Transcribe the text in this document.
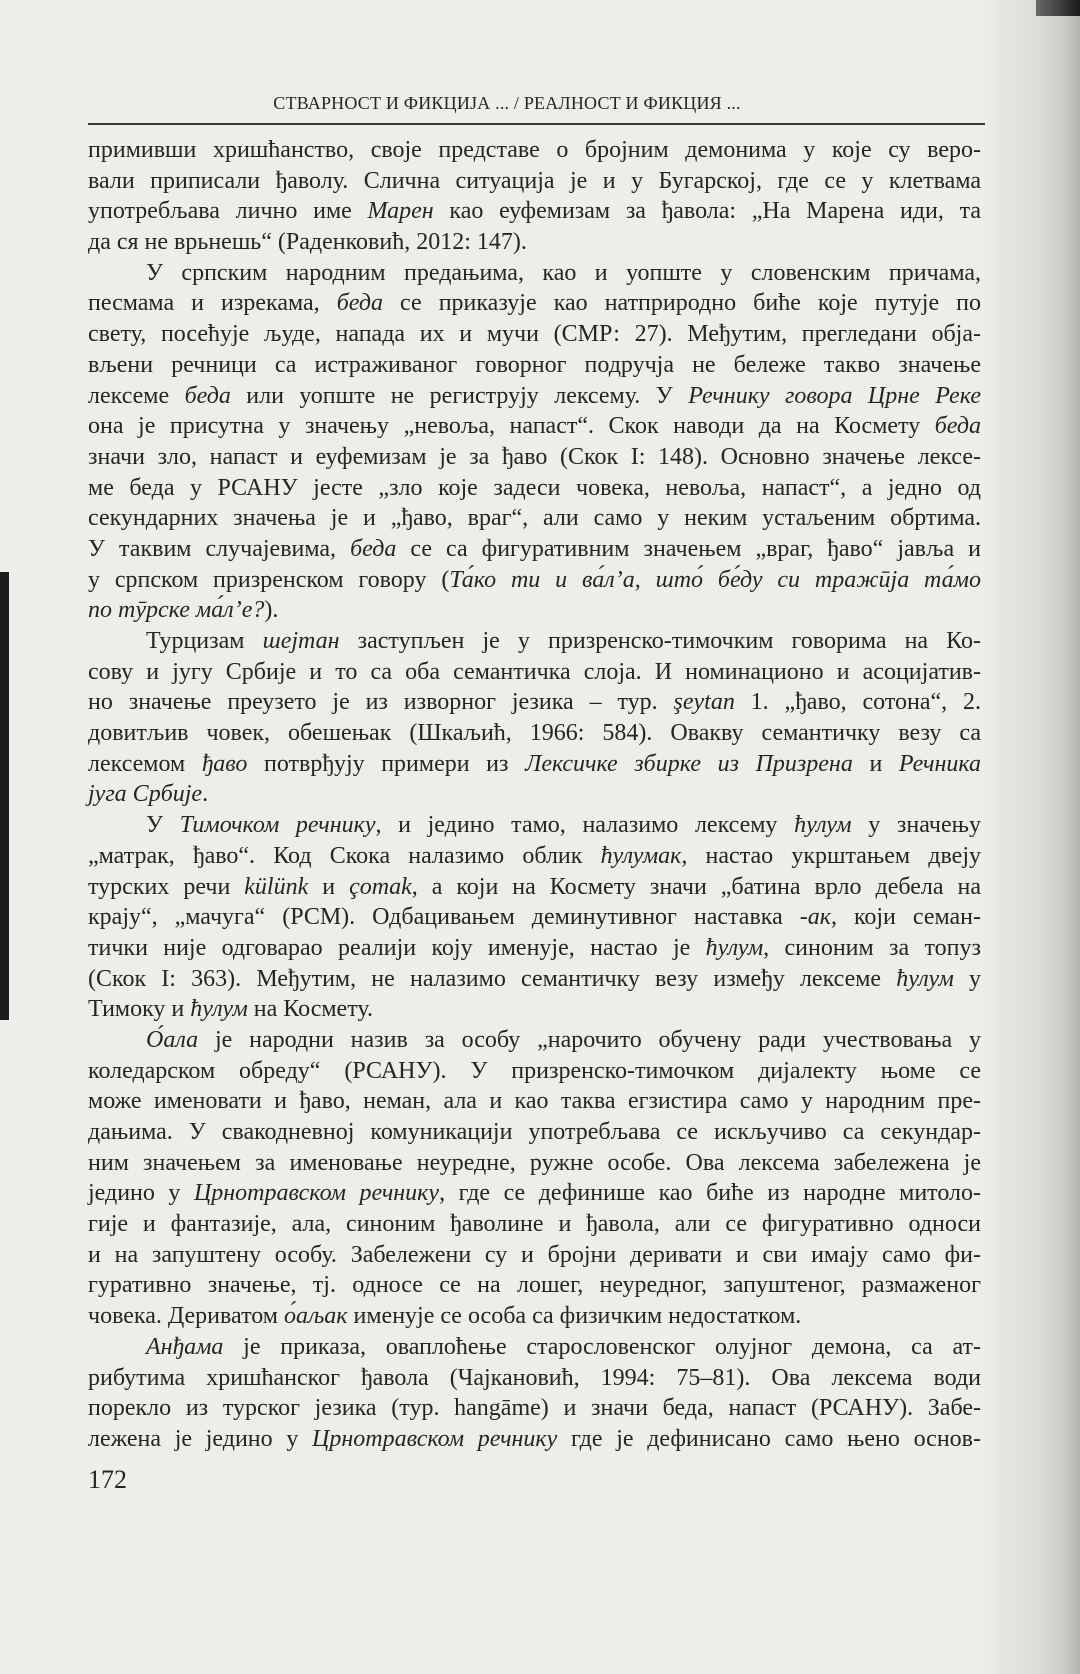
СТВАРНОСТ И ФИКЦИЈА ... / РЕАЛНОСТ И ФИКЦИЯ ...
примивши хришћанство, своје представе о бројним демонима у које су веро-
вали приписали ђаволу. Слична ситуација је и у Бугарској, где се у клетвама
употребљава лично име Марен као еуфемизам за ђавола: „На Марена иди, та
да ся не врьнешь“ (Раденковић, 2012: 147).
У српским народним предањима, као и уопште у словенским причама,
песмама и изрекама, беда се приказује као натприродно биће које путује по
свету, посећује људе, напада их и мучи (СМР: 27). Међутим, прегледани обја-
вљени речници са истраживаног говорног подручја не бележе такво значење
лексеме беда или уопште не региструју лексему. У Речнику говора Црне Реке
она је присутна у значењу „невоља, напаст“. Скок наводи да на Космету беда
значи зло, напаст и еуфемизам је за ђаво (Скок I: 148). Основно значење лексе-
ме беда у РСАНУ јесте „зло које задеси човека, невоља, напаст“, а једно од
секундарних значења је и „ђаво, враг“, али само у неким устаљеним обртима.
У таквим случајевима, беда се са фигуративним значењем „враг, ђаво“ јавља и
у српском призренском говору (Та́ко ти и ва́л’а, што́ бе́ду си тражӣја та́мо
по тӯрске ма́л’е?).
Турцизам шејтан заступљен је у призренско-тимочким говорима на Ко-
сову и југу Србије и то са оба семантичка слоја. И номинационо и асоцијатив-
но значење преузето је из изворног језика – тур. şeytan 1. „ђаво, сотона“, 2.
довитљив човек, обешењак (Шкаљић, 1966: 584). Овакву семантичку везу са
лексемом ђаво потврђују примери из Лексичке збирке из Призрена и Речника
југа Србије.
У Тимочком речнику, и једино тамо, налазимо лексему ћулум у значењу
„матрак, ђаво“. Код Скока налазимо облик ћулумак, настао укрштањем двеју
турских речи külünk и çomak, а који на Космету значи „батина врло дебела на
крају“, „мачуга“ (РСМ). Одбацивањем деминутивног наставка -ак, који семан-
тички није одговарао реалији коју именује, настао је ћулум, синоним за топуз
(Скок I: 363). Међутим, не налазимо семантичку везу између лексеме ћулум у
Тимоку и ћулум на Космету.
О́ала је народни назив за особу „нарочито обучену ради учествовања у
коледарском обреду“ (РСАНУ). У призренско-тимочком дијалекту њоме се
може именовати и ђаво, неман, ала и као таква егзистира само у народним пре-
дањима. У свакодневној комуникацији употребљава се искључиво са секундар-
ним значењем за именовање неуредне, ружне особе. Ова лексема забележена је
једино у Црнотравском речнику, где се дефинише као биће из народне митоло-
гије и фантазије, ала, синоним ђаволине и ђавола, али се фигуративно односи
и на запуштену особу. Забележени су и бројни деривати и сви имају само фи-
гуративно значење, тј. односе се на лошег, неуредног, запуштеног, размаженог
човека. Дериватом о́аљак именује се особа са физичким недостатком.
Анђама је приказа, оваплоћење старословенског олујног демона, са ат-
рибутима хришћанског ђавола (Чајкановић, 1994: 75–81). Ова лексема води
порекло из турског језика (тур. hangāme) и значи беда, напаст (РСАНУ). Забе-
лежена је једино у Црнотравском речнику где је дефинисано само њено основ-
172
